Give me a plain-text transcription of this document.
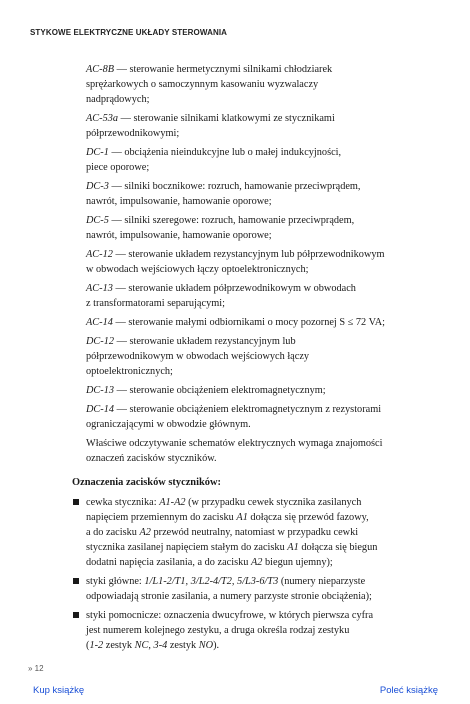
STYKOWE ELEKTRYCZNE UKŁADY STEROWANIA
AC-8B — sterowanie hermetycznymi silnikami chłodziarek
sprężarkowych o samoczynnym kasowaniu wyzwalaczy
nadprądowych;
AC-53a — sterowanie silnikami klatkowymi ze stycznikami
półprzewodnikowymi;
DC-1 — obciążenia nieindukcyjne lub o małej indukcyjności,
piece oporowe;
DC-3 — silniki bocznikowe: rozruch, hamowanie przeciwprądem,
nawrót, impulsowanie, hamowanie oporowe;
DC-5 — silniki szeregowe: rozruch, hamowanie przeciwprądem,
nawrót, impulsowanie, hamowanie oporowe;
AC-12 — sterowanie układem rezystancyjnym lub półprzewodnikowym
w obwodach wejściowych łączy optoelektronicznych;
AC-13 — sterowanie układem półprzewodnikowym w obwodach
z transformatorami separującymi;
AC-14 — sterowanie małymi odbiornikami o mocy pozornej S ≤ 72 VA;
DC-12 — sterowanie układem rezystancyjnym lub
półprzewodnikowym w obwodach wejściowych łączy
optoelektronicznych;
DC-13 — sterowanie obciążeniem elektromagnetycznym;
DC-14 — sterowanie obciążeniem elektromagnetycznym z rezystorami
ograniczającymi w obwodzie głównym.
Właściwe odczytywanie schematów elektrycznych wymaga znajomości
oznaczeń zacisków styczników.
Oznaczenia zacisków styczników:
cewka stycznika: A1-A2 (w przypadku cewek stycznika zasilanych
napięciem przemiennym do zacisku A1 dołącza się przewód fazowy,
a do zacisku A2 przewód neutralny, natomiast w przypadku cewki
stycznika zasilanej napięciem stałym do zacisku A1 dołącza się biegun
dodatni napięcia zasilania, a do zacisku A2 biegun ujemny);
styki główne: 1/L1-2/T1, 3/L2-4/T2, 5/L3-6/T3 (numery nieparzyste
odpowiadają stronie zasilania, a numery parzyste stronie obciążenia);
styki pomocnicze: oznaczenia dwucyfrowe, w których pierwsza cyfra
jest numerem kolejnego zestyku, a druga określa rodzaj zestyku
(1-2 zestyk NC, 3-4 zestyk NO).
» 12
Kup książkę	Poleć książkę
